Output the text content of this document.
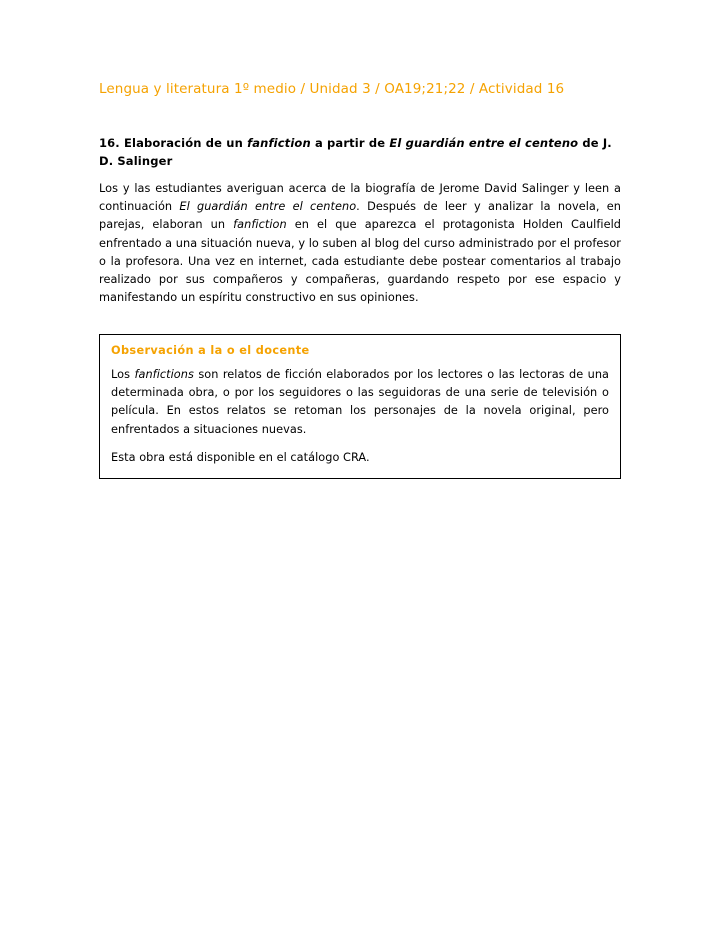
Lengua y literatura 1º medio / Unidad 3 / OA19;21;22 / Actividad 16

16. Elaboración de un fanfiction a partir de El guardián entre el centeno de J. D. Salinger

Los y las estudiantes averiguan acerca de la biografía de Jerome David Salinger y leen a continuación El guardián entre el centeno. Después de leer y analizar la novela, en parejas, elaboran un fanfiction en el que aparezca el protagonista Holden Caulfield enfrentado a una situación nueva, y lo suben al blog del curso administrado por el profesor o la profesora. Una vez en internet, cada estudiante debe postear comentarios al trabajo realizado por sus compañeros y compañeras, guardando respeto por ese espacio y manifestando un espíritu constructivo en sus opiniones.

Observación a la o el docente

Los fanfictions son relatos de ficción elaborados por los lectores o las lectoras de una determinada obra, o por los seguidores o las seguidoras de una serie de televisión o película. En estos relatos se retoman los personajes de la novela original, pero enfrentados a situaciones nuevas.

Esta obra está disponible en el catálogo CRA.
